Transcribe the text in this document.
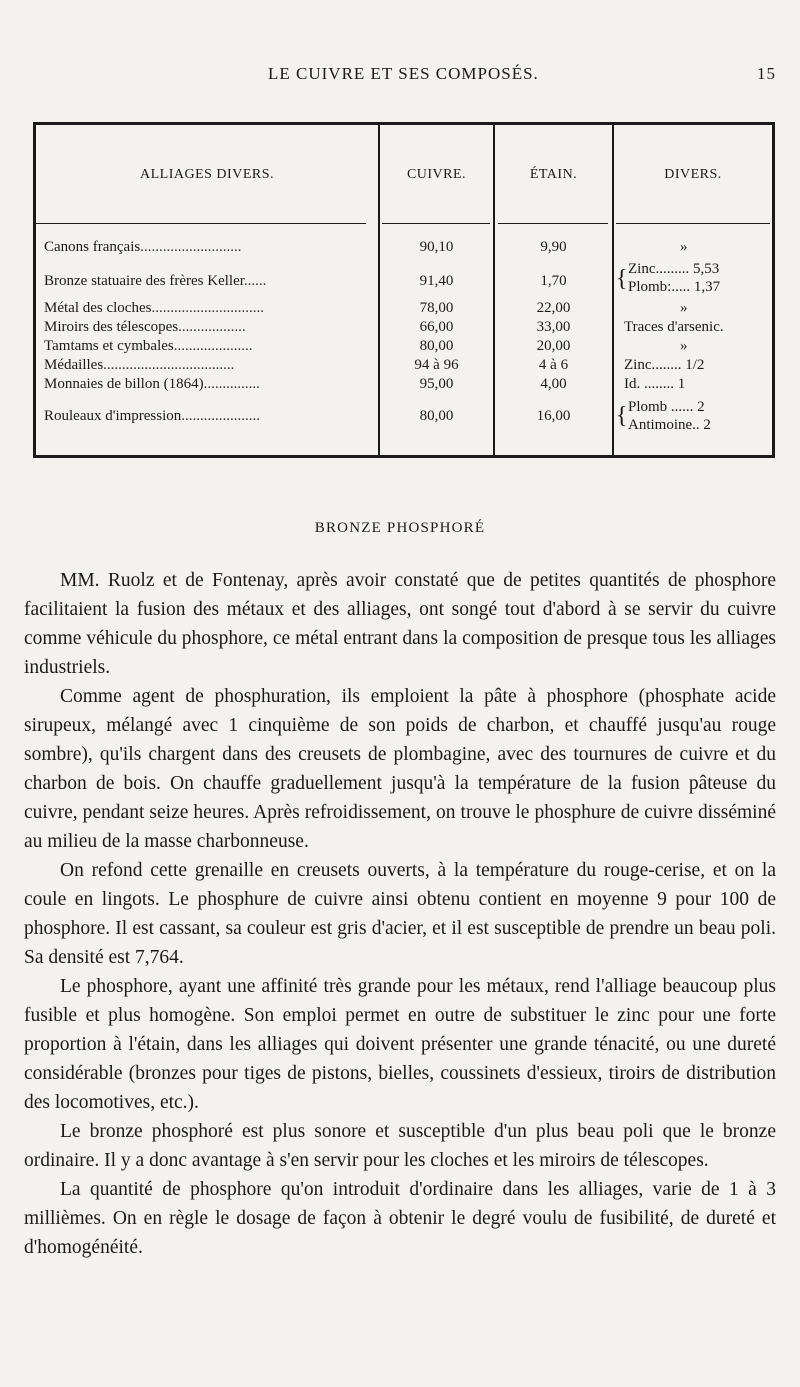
LE CUIVRE ET SES COMPOSÉS.	15
ALLIAGES DIVERS.	CUIVRE.	ÉTAIN.	DIVERS.
Canons français...........................	90,10	9,90	»
Bronze statuaire des frères Keller......	91,40	1,70	{ Zinc......... 5,53
Plomb:..... 1,37
Métal des cloches..............................	78,00	22,00	»
Miroirs des télescopes..................	66,00	33,00	Traces d'arsenic.
Tamtams et cymbales.....................	80,00	20,00	»
Médailles...................................	94 à 96	4 à 6	Zinc........ 1/2
Monnaies de billon (1864)...............	95,00	4,00	Id. ........ 1
Rouleaux d'impression.....................	80,00	16,00	{ Plomb ...... 2
Antimoine.. 2
BRONZE PHOSPHORÉ

MM. Ruolz et de Fontenay, après avoir constaté que de petites quantités de phosphore facilitaient la fusion des métaux et des alliages, ont songé tout d'abord à se servir du cuivre comme véhicule du phosphore, ce métal entrant dans la composition de presque tous les alliages industriels.

Comme agent de phosphuration, ils emploient la pâte à phosphore (phosphate acide sirupeux, mélangé avec 1 cinquième de son poids de charbon, et chauffé jusqu'au rouge sombre), qu'ils chargent dans des creusets de plombagine, avec des tournures de cuivre et du charbon de bois. On chauffe graduellement jusqu'à la température de la fusion pâteuse du cuivre, pendant seize heures. Après refroidissement, on trouve le phosphure de cuivre disséminé au milieu de la masse charbonneuse.

On refond cette grenaille en creusets ouverts, à la température du rouge-cerise, et on la coule en lingots. Le phosphure de cuivre ainsi obtenu contient en moyenne 9 pour 100 de phosphore. Il est cassant, sa couleur est gris d'acier, et il est susceptible de prendre un beau poli. Sa densité est 7,764.

Le phosphore, ayant une affinité très grande pour les métaux, rend l'alliage beaucoup plus fusible et plus homogène. Son emploi permet en outre de substituer le zinc pour une forte proportion à l'étain, dans les alliages qui doivent présenter une grande ténacité, ou une dureté considérable (bronzes pour tiges de pistons, bielles, coussinets d'essieux, tiroirs de distribution des locomotives, etc.).

Le bronze phosphoré est plus sonore et susceptible d'un plus beau poli que le bronze ordinaire. Il y a donc avantage à s'en servir pour les cloches et les miroirs de télescopes.

La quantité de phosphore qu'on introduit d'ordinaire dans les alliages, varie de 1 à 3 millièmes. On en règle le dosage de façon à obtenir le degré voulu de fusibilité, de dureté et d'homogénéité.
